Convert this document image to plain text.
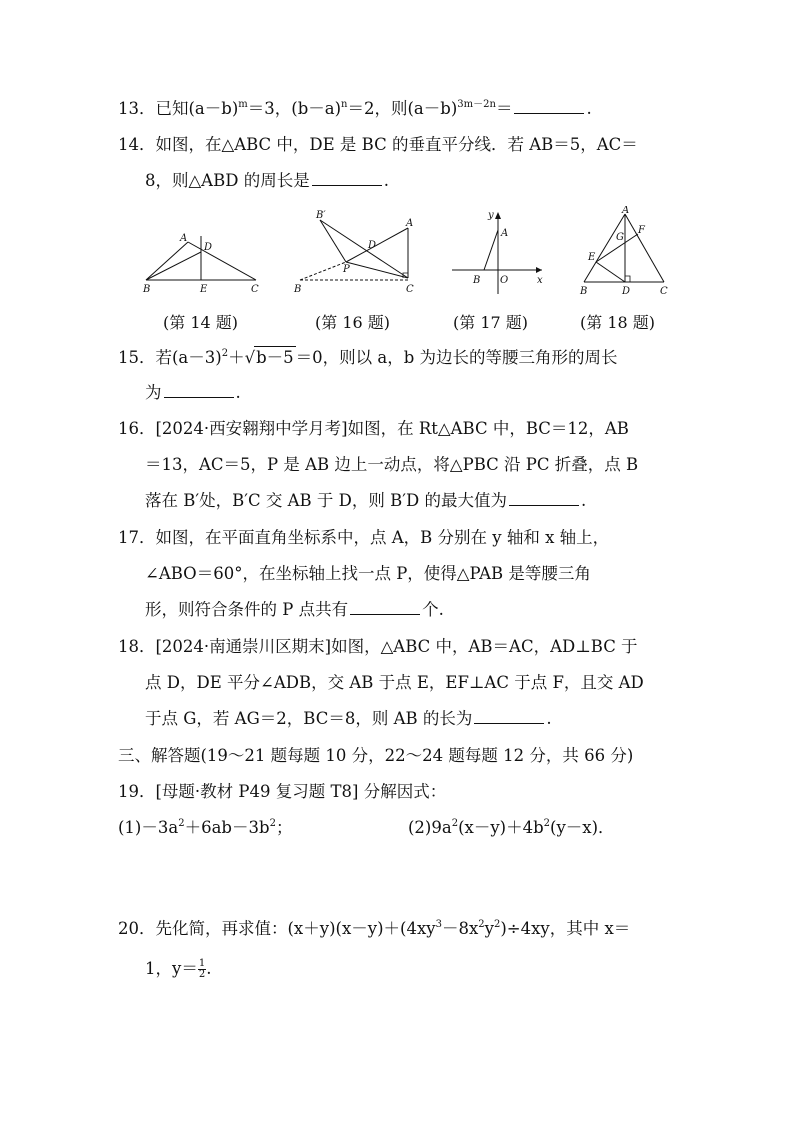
13．已知$(a-b)^m=3$，$(b-a)^n=2$，则$(a-b)^{3m-2n}=$	.
14．如图，在△ABC 中，DE 是 BC 的垂直平分线．若 AB＝5，AC＝
8，则△ABD 的周长是	.
A
D
B	E	C
(第 14 题)
B′
D
A
P
B	C
(第 16 题)
y
A
B O	x
(第 17 题)
A
F
G
E
B	D	C
(第 18 题)
15．若$(a-3)^2+√b-5 =0$，则以 a，b 为边长的等腰三角形的周长
为	.
16．[2024·西安翱翔中学月考]如图，在 Rt△ABC 中，BC＝12，AB
＝13，AC＝5，P 是 AB 边上一动点，将△PBC 沿 PC 折叠，点 B
落在 B′处，B′C 交 AB 于 D，则 B′D 的最大值为	.
17．如图，在平面直角坐标系中，点 A，B 分别在 y 轴和 x 轴上，
∠ABO＝60°，在坐标轴上找一点 P，使得△PAB 是等腰三角
形，则符合条件的 P 点共有	个.
18．[2024·南通崇川区期末]如图，△ABC 中，AB＝AC，AD⊥BC 于
点 D，DE 平分∠ADB，交 AB 于点 E，EF⊥AC 于点 F，且交 AD
于点 G，若 AG＝2，BC＝8，则 AB 的长为	.
三、解答题(19～21 题每题 10 分，22～24 题每题 12 分，共 66 分)
19．[母题·教材 P49 复习题 T8] 分解因式：
$(1)-3a^2+6ab-3b^2$；	$(2)9a^2(x-y)+4b^2(y-x)$．
20．先化简，再求值：$(x+y)(x-y)+(4xy^3-8x^2y^2)\div 4xy$，其中 x＝
1，$y= \frac{1}{2}$ .
